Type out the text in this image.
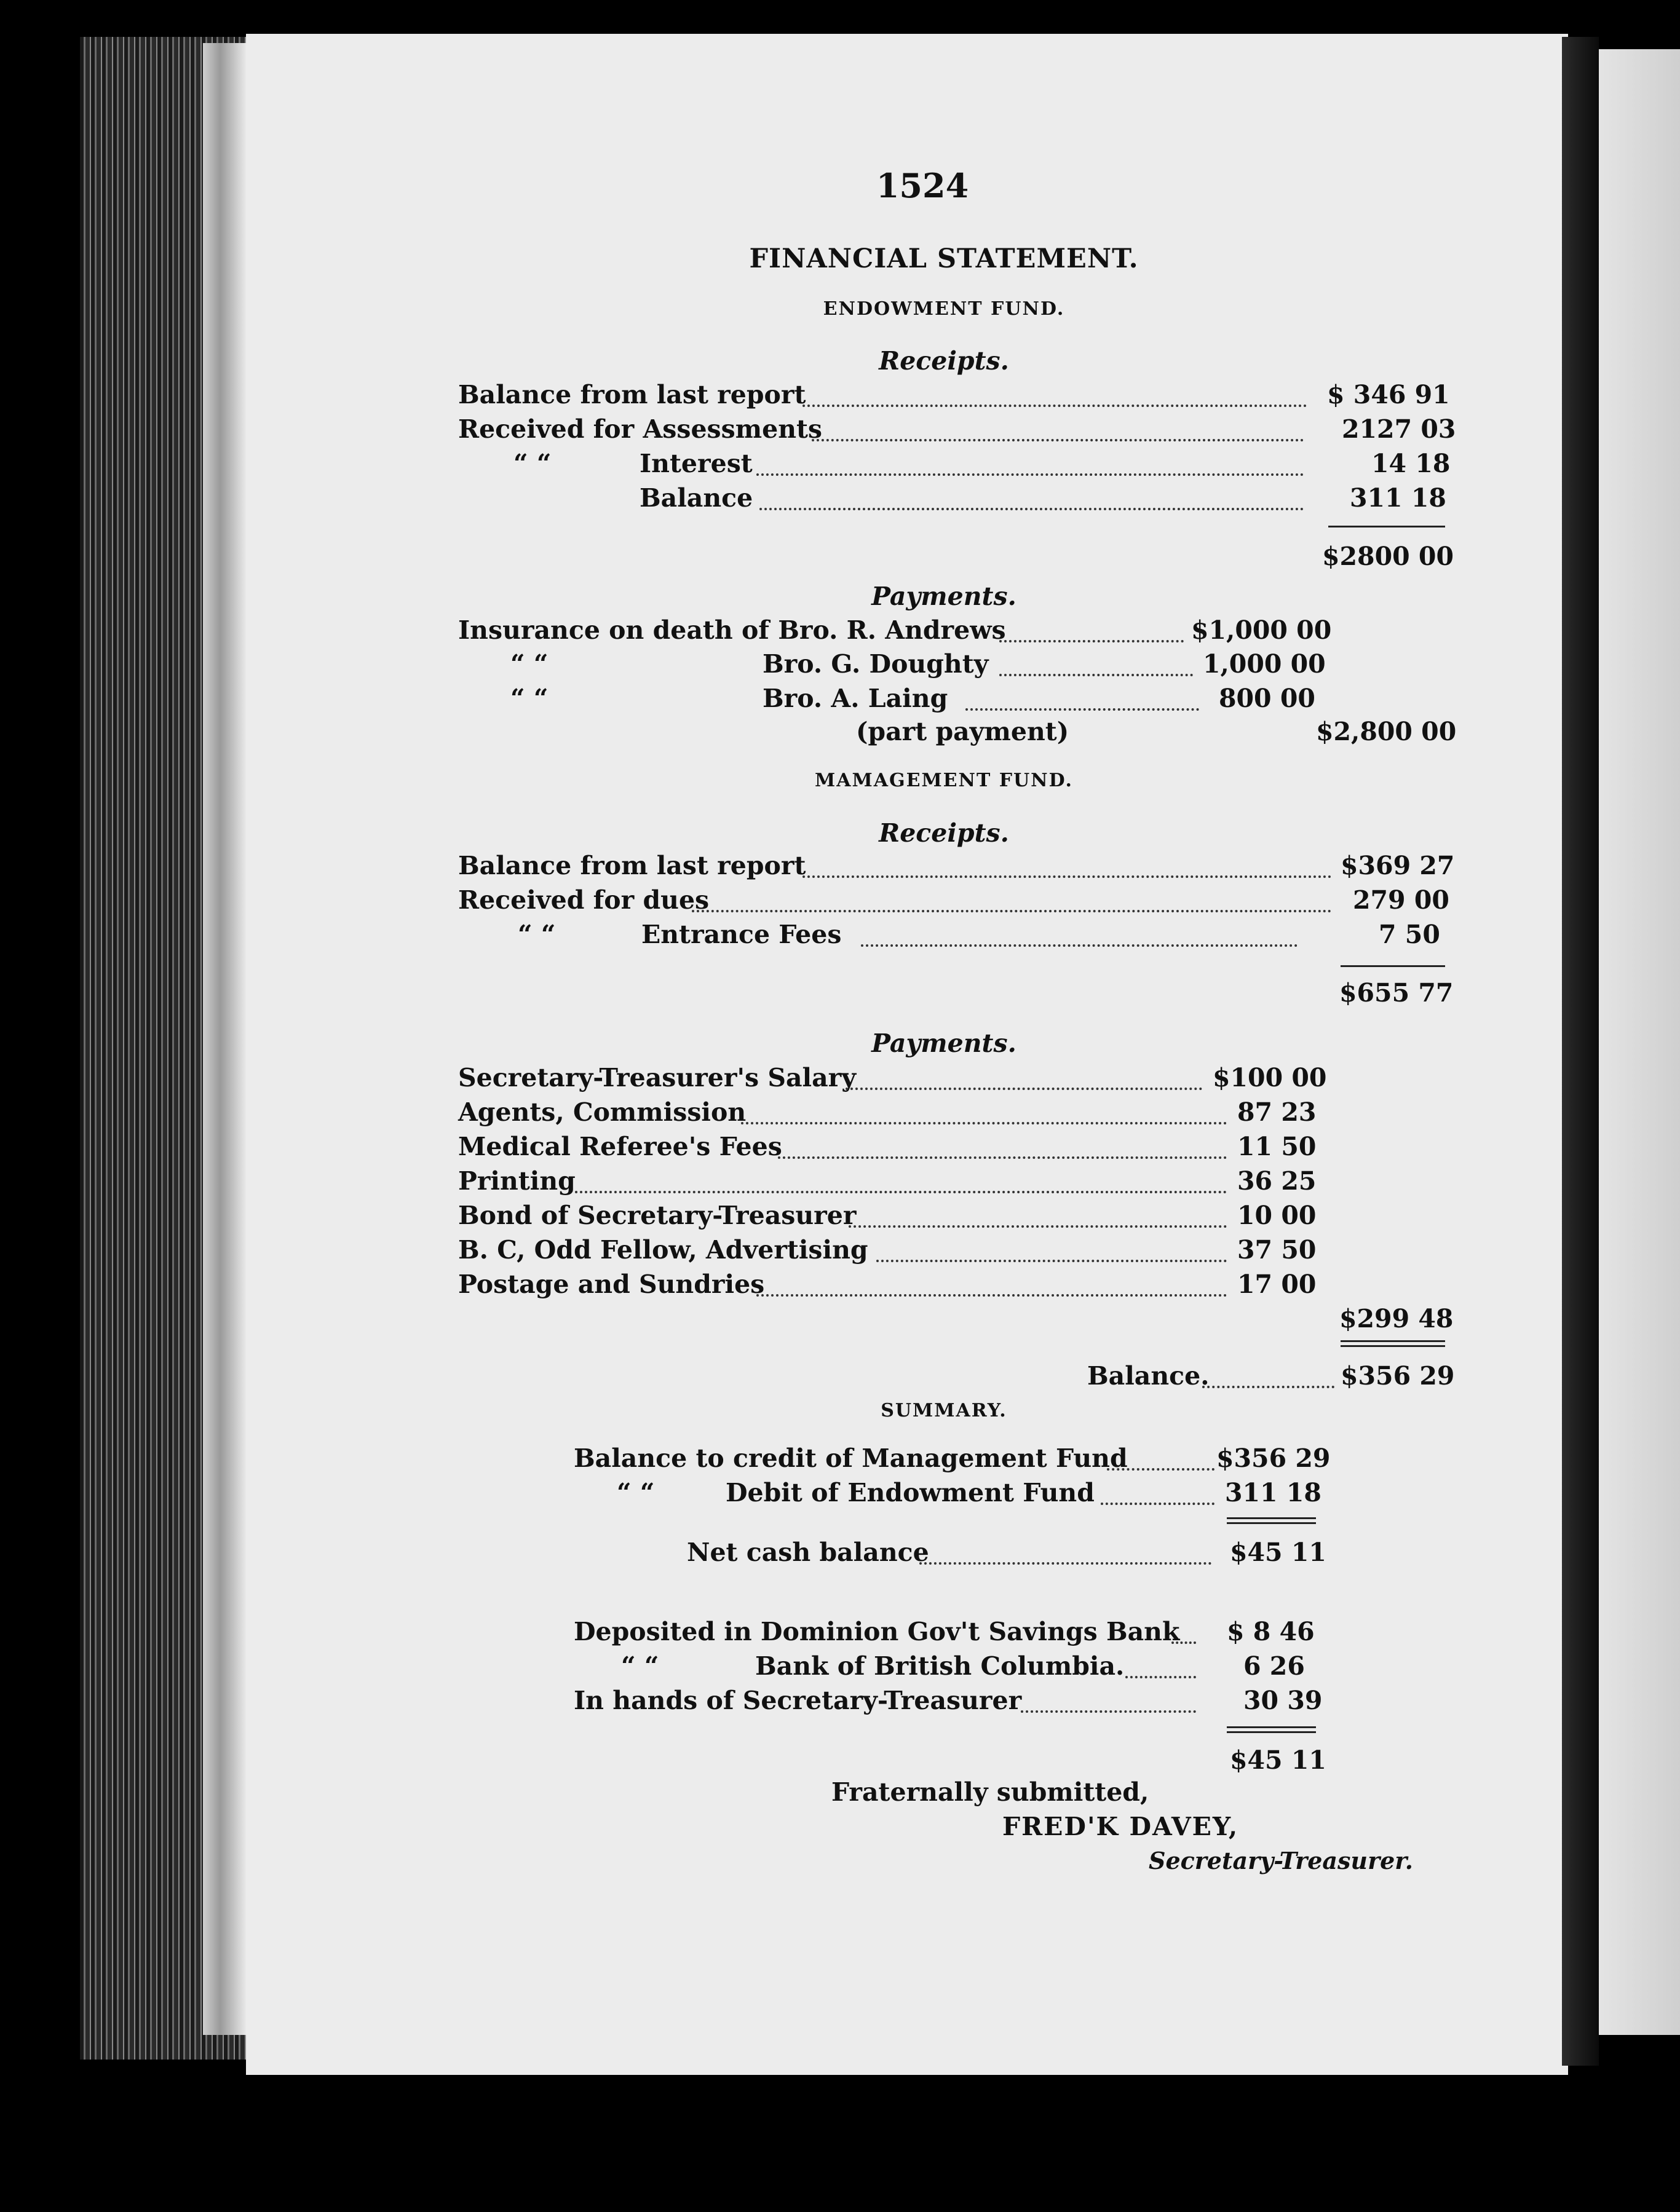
1524
FINANCIAL STATEMENT.
ENDOWMENT FUND.
Receipts.
Balance from last report	$ 346 91
Received for Assessments	2127 03
“ “	Interest	14 18
Balance	311 18
$2800 00
Payments.
Insurance on death of Bro. R. Andrews	$1,000 00
“ “	Bro. G. Doughty	1,000 00
“ “	Bro. A. Laing	800 00
(part payment)	$2,800 00
MAMAGEMENT FUND.
Receipts.
Balance from last report	$369 27
Received for dues	279 00
“ “	Entrance Fees	7 50
$655 77
Payments.
Secretary-Treasurer's Salary	$100 00
Agents, Commission	87 23
Medical Referee's Fees	11 50
Printing	36 25
Bond of Secretary-Treasurer	10 00
B. C, Odd Fellow, Advertising	37 50
Postage and Sundries	17 00
$299 48
Balance.	$356 29
SUMMARY.
Balance to credit of Management Fund	$356 29
“ “	Debit of Endowment Fund	311 18
Net cash balance	$45 11
Deposited in Dominion Gov't Savings Bank $ 8 46
“ “	Bank of British Columbia.	6 26
In hands of Secretary-Treasurer	30 39
$45 11
Fraternally submitted,
FRED'K DAVEY,
Secretary-Treasurer.
